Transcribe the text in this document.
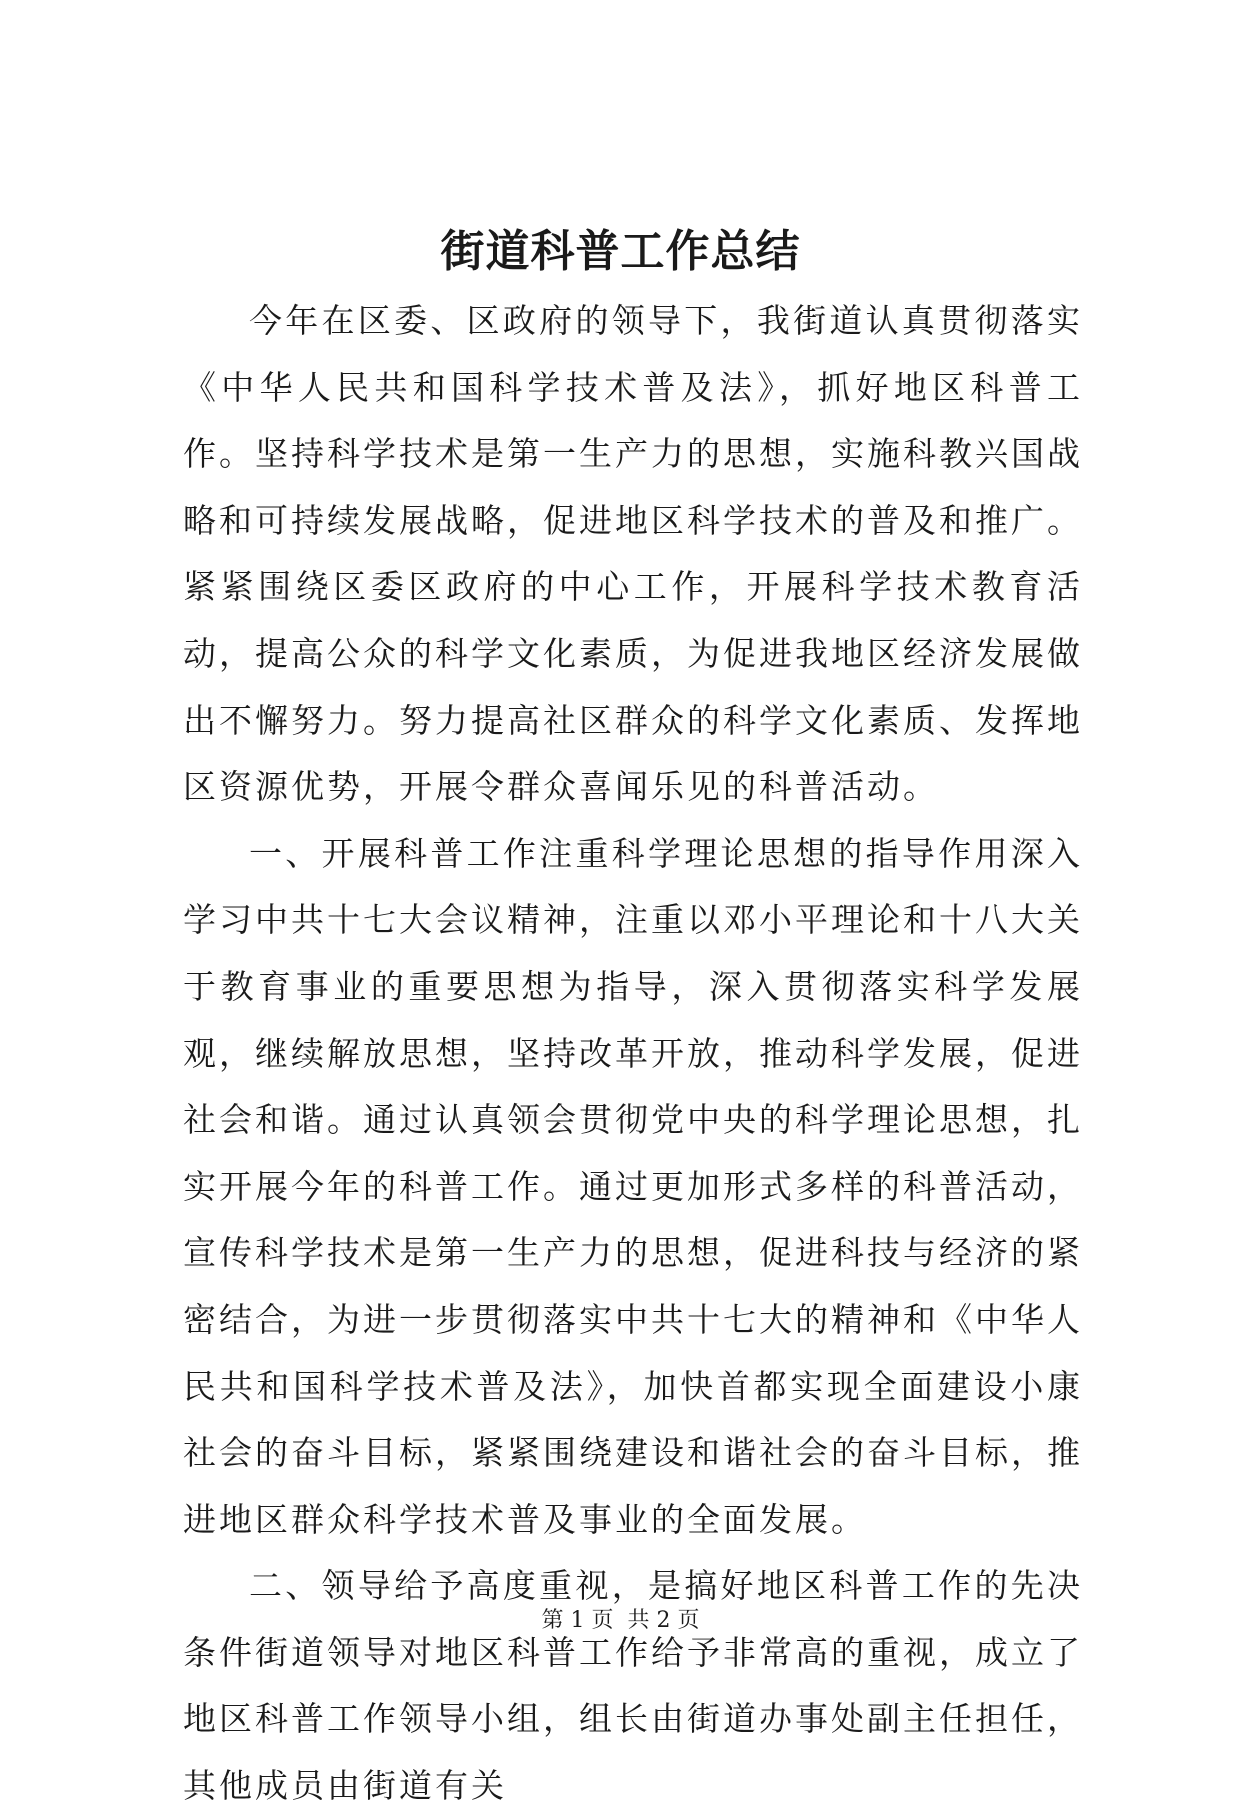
街道科普工作总结

今年在区委、区政府的领导下，我街道认真贯彻落实《中华人民共和国科学技术普及法》，抓好地区科普工作。坚持科学技术是第一生产力的思想，实施科教兴国战略和可持续发展战略，促进地区科学技术的普及和推广。紧紧围绕区委区政府的中心工作，开展科学技术教育活动，提高公众的科学文化素质，为促进我地区经济发展做出不懈努力。努力提高社区群众的科学文化素质、发挥地区资源优势，开展令群众喜闻乐见的科普活动。

一、开展科普工作注重科学理论思想的指导作用深入学习中共十七大会议精神，注重以邓小平理论和十八大关于教育事业的重要思想为指导，深入贯彻落实科学发展观，继续解放思想，坚持改革开放，推动科学发展，促进社会和谐。通过认真领会贯彻党中央的科学理论思想，扎实开展今年的科普工作。通过更加形式多样的科普活动，宣传科学技术是第一生产力的思想，促进科技与经济的紧密结合，为进一步贯彻落实中共十七大的精神和《中华人民共和国科学技术普及法》，加快首都实现全面建设小康社会的奋斗目标，紧紧围绕建设和谐社会的奋斗目标，推进地区群众科学技术普及事业的全面发展。

二、领导给予高度重视，是搞好地区科普工作的先决条件街道领导对地区科普工作给予非常高的重视，成立了地区科普工作领导小组，组长由街道办事处副主任担任，其他成员由街道有关

第 1 页 共 2 页
